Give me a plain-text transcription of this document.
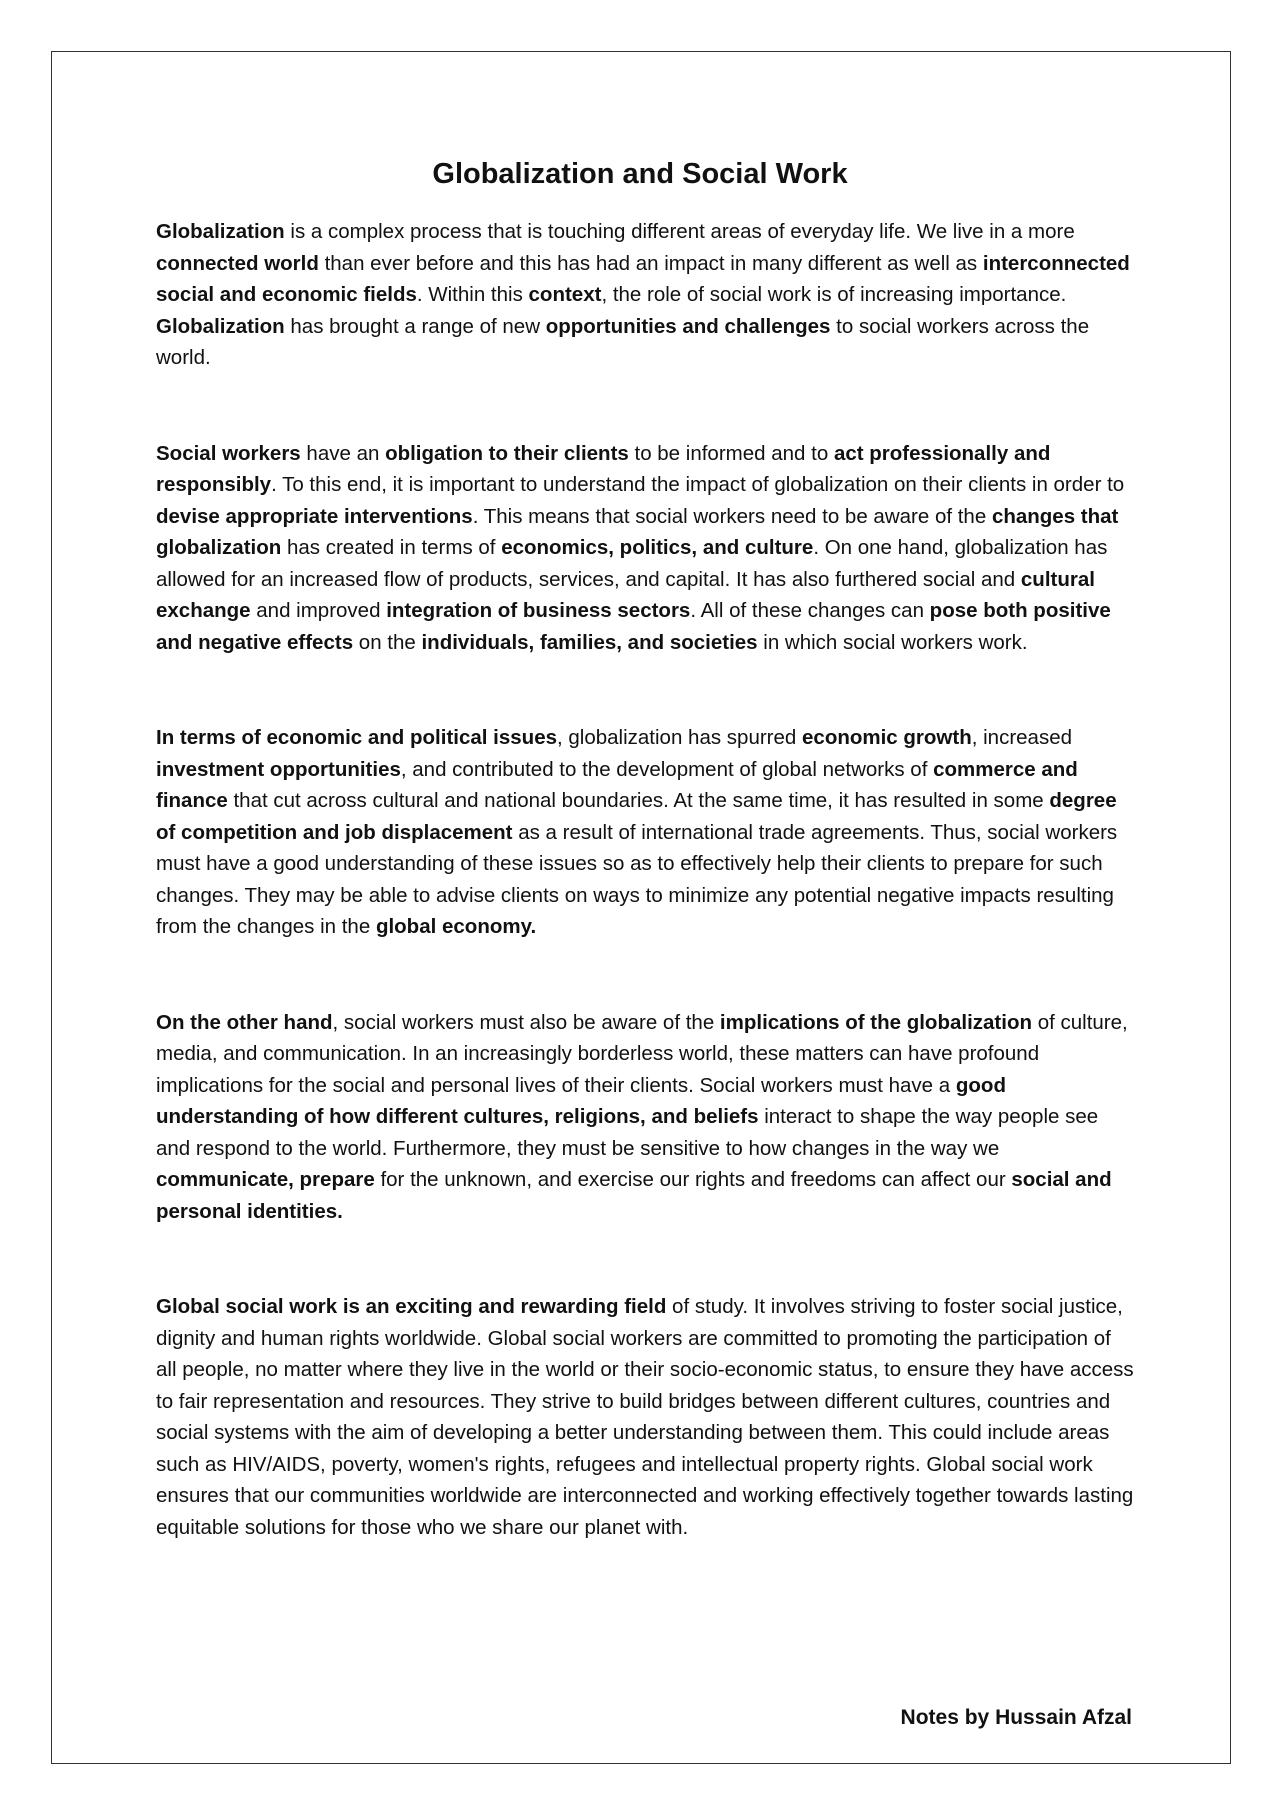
Globalization and Social Work

Globalization is a complex process that is touching different areas of everyday life. We live in a more connected world than ever before and this has had an impact in many different as well as interconnected social and economic fields. Within this context, the role of social work is of increasing importance. Globalization has brought a range of new opportunities and challenges to social workers across the world.

Social workers have an obligation to their clients to be informed and to act professionally and responsibly. To this end, it is important to understand the impact of globalization on their clients in order to devise appropriate interventions. This means that social workers need to be aware of the changes that globalization has created in terms of economics, politics, and culture. On one hand, globalization has allowed for an increased flow of products, services, and capital. It has also furthered social and cultural exchange and improved integration of business sectors. All of these changes can pose both positive and negative effects on the individuals, families, and societies in which social workers work.

In terms of economic and political issues, globalization has spurred economic growth, increased investment opportunities, and contributed to the development of global networks of commerce and finance that cut across cultural and national boundaries. At the same time, it has resulted in some degree of competition and job displacement as a result of international trade agreements. Thus, social workers must have a good understanding of these issues so as to effectively help their clients to prepare for such changes. They may be able to advise clients on ways to minimize any potential negative impacts resulting from the changes in the global economy.

On the other hand, social workers must also be aware of the implications of the globalization of culture, media, and communication. In an increasingly borderless world, these matters can have profound implications for the social and personal lives of their clients. Social workers must have a good understanding of how different cultures, religions, and beliefs interact to shape the way people see and respond to the world. Furthermore, they must be sensitive to how changes in the way we communicate, prepare for the unknown, and exercise our rights and freedoms can affect our social and personal identities.

Global social work is an exciting and rewarding field of study. It involves striving to foster social justice, dignity and human rights worldwide. Global social workers are committed to promoting the participation of all people, no matter where they live in the world or their socio-economic status, to ensure they have access to fair representation and resources. They strive to build bridges between different cultures, countries and social systems with the aim of developing a better understanding between them. This could include areas such as HIV/AIDS, poverty, women's rights, refugees and intellectual property rights. Global social work ensures that our communities worldwide are interconnected and working effectively together towards lasting equitable solutions for those who we share our planet with.

Notes by Hussain Afzal
